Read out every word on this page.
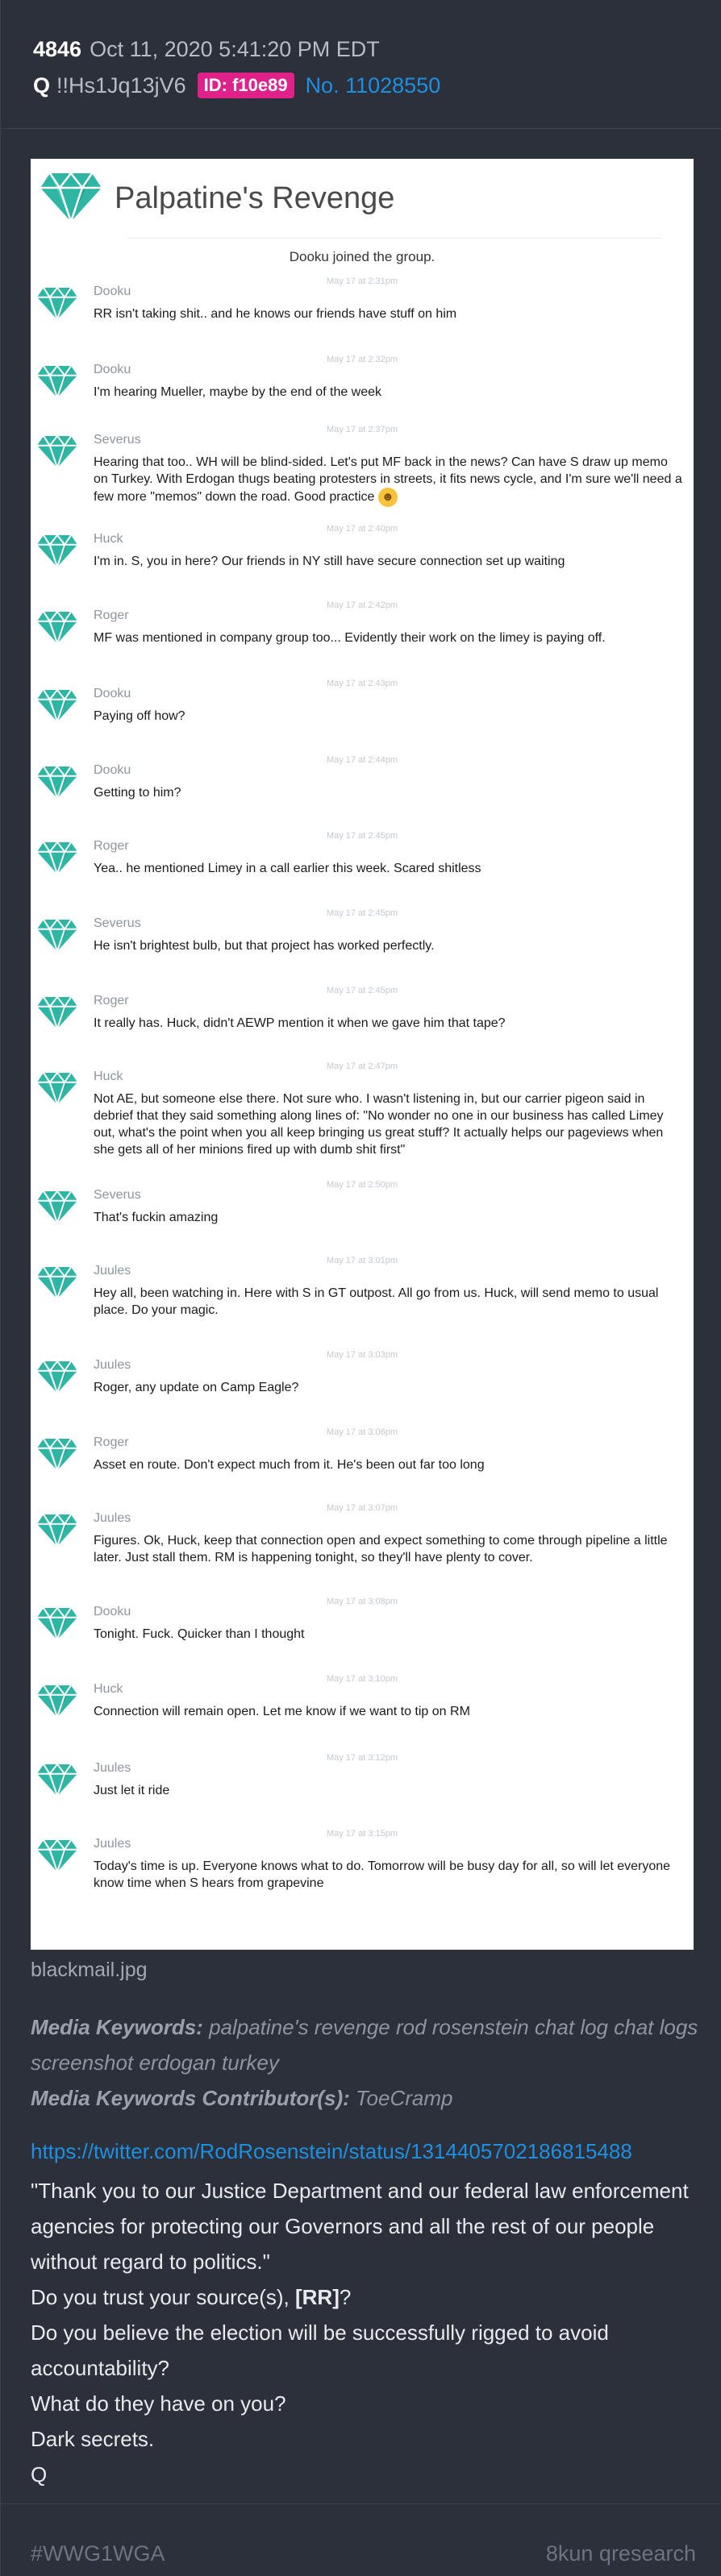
4846 Oct 11, 2020 5:41:20 PM EDT
Q !!Hs1Jq13jV6	ID: f10e89 No. 11028550
Palpatine's Revenge
Dooku joined the group.
May 17 at 2:31pm
Dooku
RR isn't taking shit.. and he knows our friends have stuff on him
May 17 at 2:32pm
Dooku
I'm hearing Mueller, maybe by the end of the week
May 17 at 2:37pm
Severus
Hearing that too.. WH will be blind-sided. Let's put MF back in the news? Can have S draw up memo on Turkey. With Erdogan thugs beating protesters in streets, it fits news cycle, and I'm sure we'll need a few more "memos" down the road. Good practice ☻
May 17 at 2:40pm
Huck
I'm in. S, you in here? Our friends in NY still have secure connection set up waiting
May 17 at 2:42pm
Roger
MF was mentioned in company group too... Evidently their work on the limey is paying off.
May 17 at 2:43pm
Dooku
Paying off how?
May 17 at 2:44pm
Dooku
Getting to him?
May 17 at 2:45pm
Roger
Yea.. he mentioned Limey in a call earlier this week. Scared shitless
May 17 at 2:45pm
Severus
He isn't brightest bulb, but that project has worked perfectly.
May 17 at 2:45pm
Roger
It really has. Huck, didn't AEWP mention it when we gave him that tape?
May 17 at 2:47pm
Huck
Not AE, but someone else there. Not sure who. I wasn't listening in, but our carrier pigeon said in debrief that they said something along lines of: "No wonder no one in our business has called Limey out, what's the point when you all keep bringing us great stuff? It actually helps our pageviews when she gets all of her minions fired up with dumb shit first"
May 17 at 2:50pm
Severus
That's fuckin amazing
May 17 at 3:01pm
Juules
Hey all, been watching in. Here with S in GT outpost. All go from us. Huck, will send memo to usual place. Do your magic.
May 17 at 3:03pm
Juules
Roger, any update on Camp Eagle?
May 17 at 3:06pm
Roger
Asset en route. Don't expect much from it. He's been out far too long
May 17 at 3:07pm
Juules
Figures. Ok, Huck, keep that connection open and expect something to come through pipeline a little later. Just stall them. RM is happening tonight, so they'll have plenty to cover.
May 17 at 3:08pm
Dooku
Tonight. Fuck. Quicker than I thought
May 17 at 3:10pm
Huck
Connection will remain open. Let me know if we want to tip on RM
May 17 at 3:12pm
Juules
Just let it ride
May 17 at 3:15pm
Juules
Today's time is up. Everyone knows what to do. Tomorrow will be busy day for all, so will let everyone know time when S hears from grapevine
blackmail.jpg
Media Keywords: palpatine's revenge rod rosenstein chat log chat logs screenshot erdogan turkey
Media Keywords Contributor(s): ToeCramp
https://twitter.com/RodRosenstein/status/1314405702186815488
"Thank you to our Justice Department and our federal law enforcement agencies for protecting our Governors and all the rest of our people without regard to politics."
Do you trust your source(s), [RR]?
Do you believe the election will be successfully rigged to avoid accountability?
What do they have on you?
Dark secrets.
Q
#WWG1WGA	8kun qresearch
